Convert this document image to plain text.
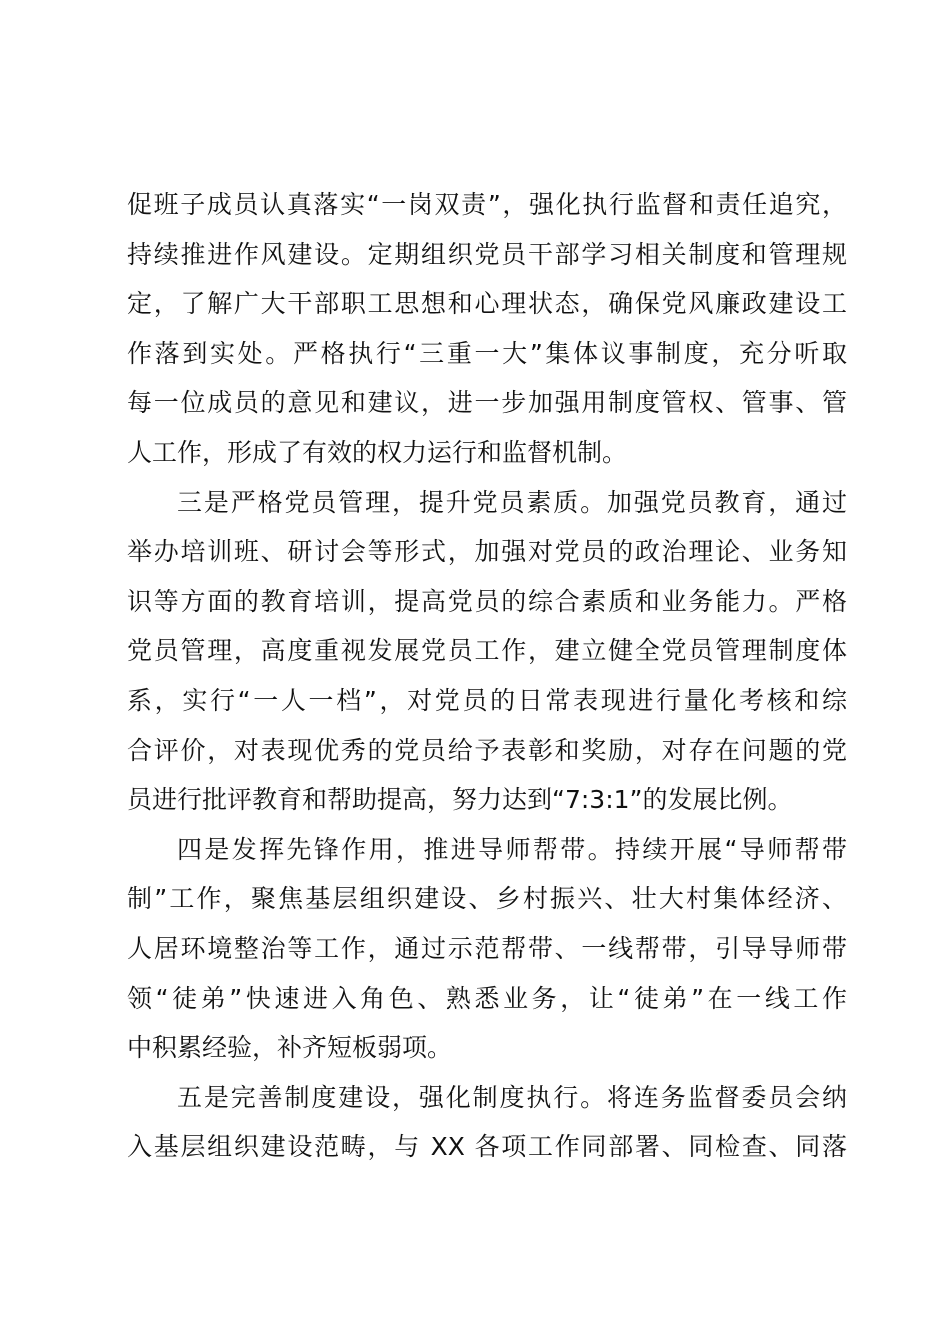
促班子成员认真落实“一岗双责”，强化执行监督和责任追究，
持续推进作风建设。定期组织党员干部学习相关制度和管理规
定，了解广大干部职工思想和心理状态，确保党风廉政建设工
作落到实处。严格执行“三重一大”集体议事制度，充分听取
每一位成员的意见和建议，进一步加强用制度管权、管事、管
人工作，形成了有效的权力运行和监督机制。
三是严格党员管理，提升党员素质。加强党员教育，通过
举办培训班、研讨会等形式，加强对党员的政治理论、业务知
识等方面的教育培训，提高党员的综合素质和业务能力。严格
党员管理，高度重视发展党员工作，建立健全党员管理制度体
系，实行“一人一档”，对党员的日常表现进行量化考核和综
合评价，对表现优秀的党员给予表彰和奖励，对存在问题的党
员进行批评教育和帮助提高，努力达到“7:3:1”的发展比例。
四是发挥先锋作用，推进导师帮带。持续开展“导师帮带
制”工作，聚焦基层组织建设、乡村振兴、壮大村集体经济、
人居环境整治等工作，通过示范帮带、一线帮带，引导导师带
领“徒弟”快速进入角色、熟悉业务，让“徒弟”在一线工作
中积累经验，补齐短板弱项。
五是完善制度建设，强化制度执行。将连务监督委员会纳
入基层组织建设范畴，与 XX 各项工作同部署、同检查、同落
